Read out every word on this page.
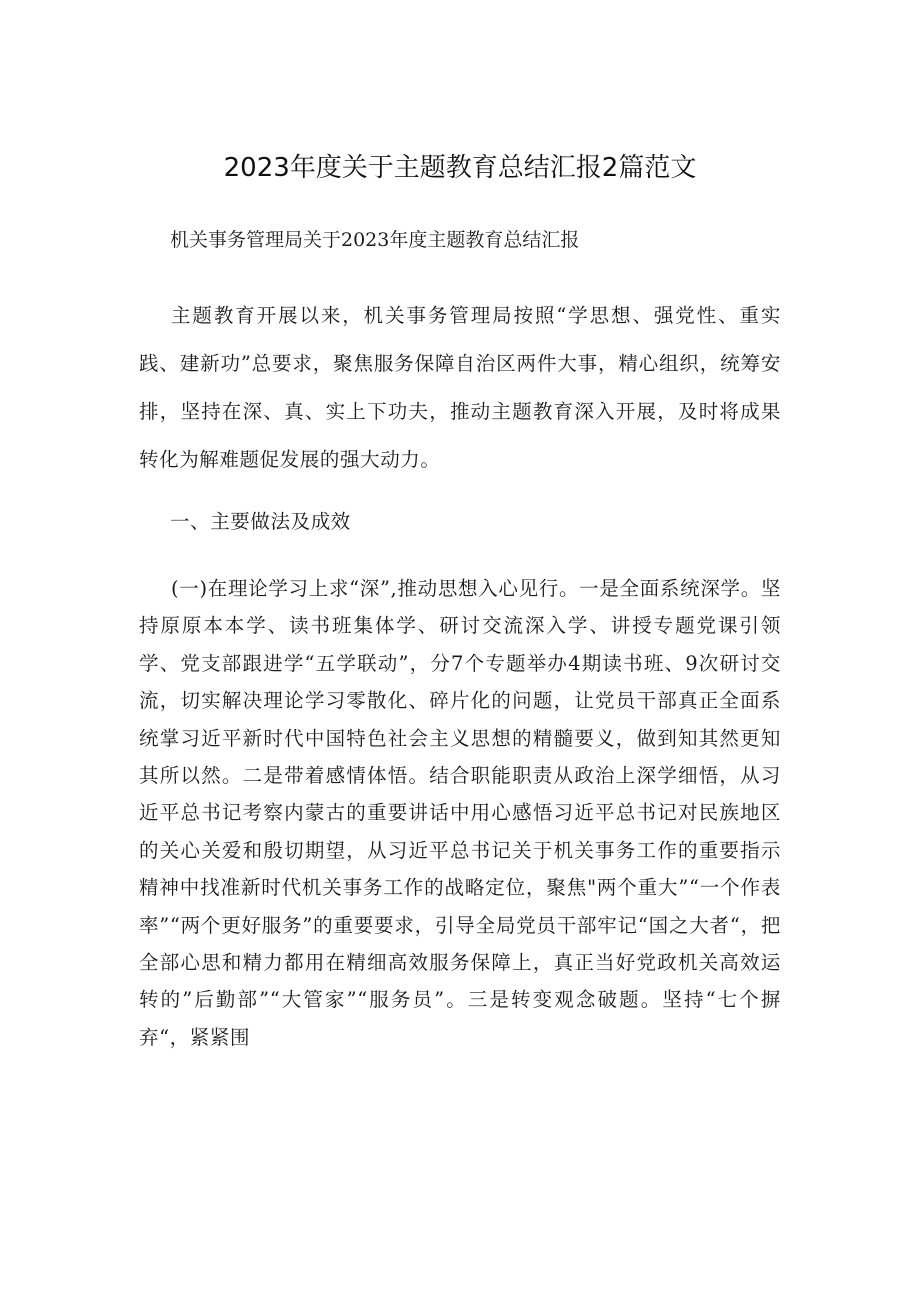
2023年度关于主题教育总结汇报2篇范文

机关事务管理局关于2023年度主题教育总结汇报

主题教育开展以来，机关事务管理局按照“学思想、强党性、重实践、建新功”总要求，聚焦服务保障自治区两件大事，精心组织，统筹安排，坚持在深、真、实上下功夫，推动主题教育深入开展，及时将成果转化为解难题促发展的强大动力。

一、主要做法及成效

(一)在理论学习上求“深”,推动思想入心见行。一是全面系统深学。坚持原原本本学、读书班集体学、研讨交流深入学、讲授专题党课引领学、党支部跟进学“五学联动”，分7个专题举办4期读书班、9次研讨交流，切实解决理论学习零散化、碎片化的问题，让党员干部真正全面系统掌习近平新时代中国特色社会主义思想的精髓要义，做到知其然更知其所以然。二是带着感情体悟。结合职能职责从政治上深学细悟，从习近平总书记考察内蒙古的重要讲话中用心感悟习近平总书记对民族地区的关心关爱和殷切期望，从习近平总书记关于机关事务工作的重要指示精神中找准新时代机关事务工作的战略定位，聚焦"两个重大”“一个作表率”“两个更好服务”的重要要求，引导全局党员干部牢记“国之大者“，把全部心思和精力都用在精细高效服务保障上，真正当好党政机关高效运转的”后勤部”“大管家”“服务员”。三是转变观念破题。坚持“七个摒弃“，紧紧围
